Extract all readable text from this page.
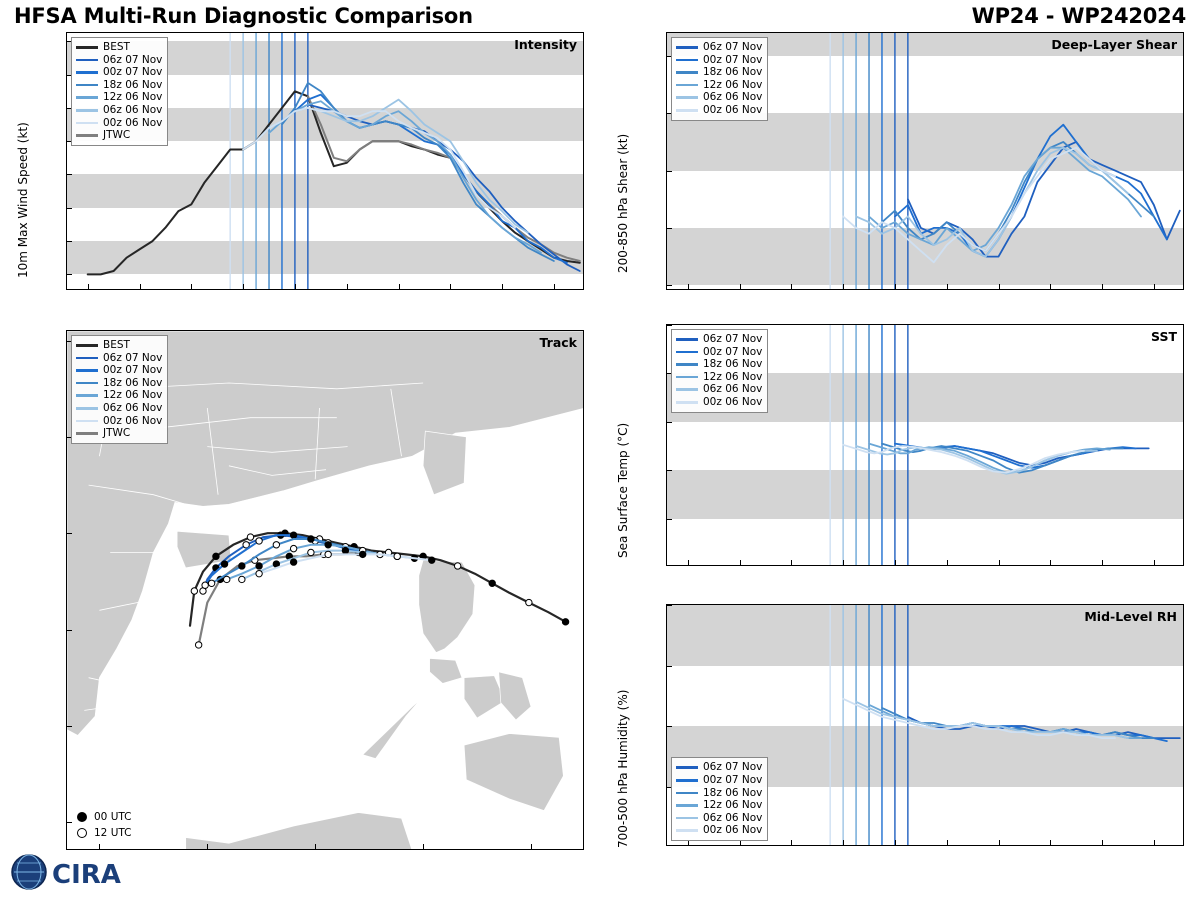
HFSA Multi-Run Diagnostic Comparison	WP24 - WP242024
10m Max Wind Speed (kt)
Intensity
BEST
06z 07 Nov
00z 07 Nov
18z 06 Nov
12z 06 Nov
06z 06 Nov
00z 06 Nov
JTWC

Track
BEST
06z 07 Nov
00z 07 Nov
18z 06 Nov
12z 06 Nov
06z 06 Nov
00z 06 Nov
JTWC
00 UTC
12 UTC
200-850 hPa Shear (kt)
Deep-Layer Shear
06z 07 Nov
00z 07 Nov
18z 06 Nov
12z 06 Nov
06z 06 Nov
00z 06 Nov

Sea Surface Temp (°C)
SST
06z 07 Nov
00z 07 Nov
18z 06 Nov
12z 06 Nov
06z 06 Nov
00z 06 Nov

700-500 hPa Humidity (%)
Mid-Level RH
06z 07 Nov
00z 07 Nov
18z 06 Nov
12z 06 Nov
06z 06 Nov
00z 06 Nov

CIRA
